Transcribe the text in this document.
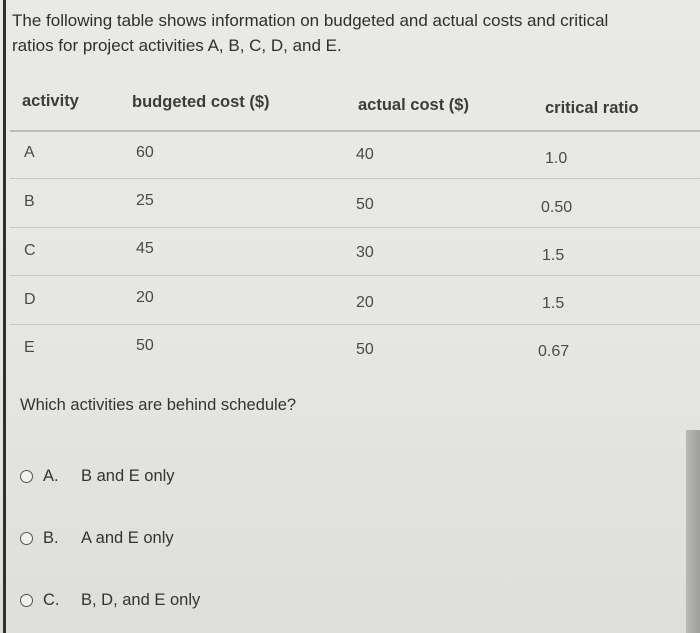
The following table shows information on budgeted and actual costs and critical
ratios for project activities A, B, C, D, and E.
activity	budgeted cost ($)	actual cost ($)	critical ratio
A	60	40	1.0
B	25	50	0.50
C	45	30	1.5
D	20	20	1.5
E	50	50	0.67
Which activities are behind schedule?
A.	B and E only
B.	A and E only
C.	B, D, and E only
